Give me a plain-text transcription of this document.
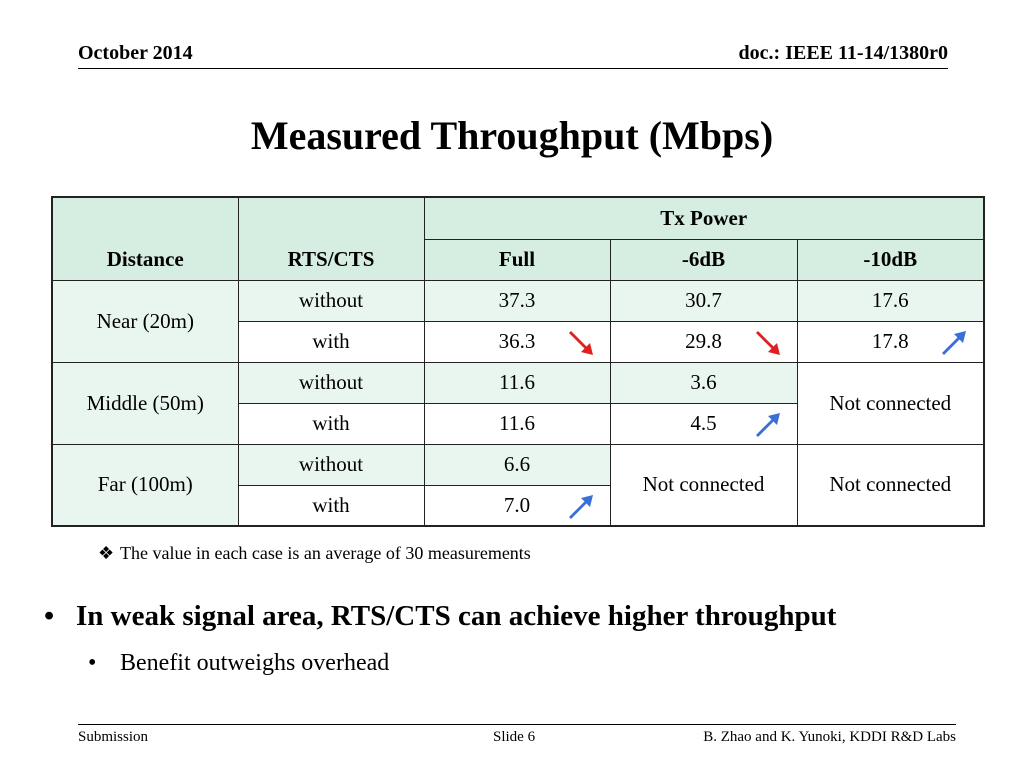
October 2014	doc.: IEEE 11-14/1380r0
Measured Throughput (Mbps)
Distance	RTS/CTS	Tx Power		
		Full	-6dB	-10dB
Near (20m)	without	37.3	30.7	17.6
	with	36.3	29.8	17.8

Middle (50m)	without	11.6	3.6	Not connected
	with	11.6	4.5	

Far (100m)	without	6.6	Not connected	Not connected
	with	7.0		
❖ The value in each case is an average of 30 measurements
• In weak signal area, RTS/CTS can achieve higher throughput
• Benefit outweighs overhead
Submission	Slide 6	B. Zhao and K. Yunoki, KDDI R&D Labs
